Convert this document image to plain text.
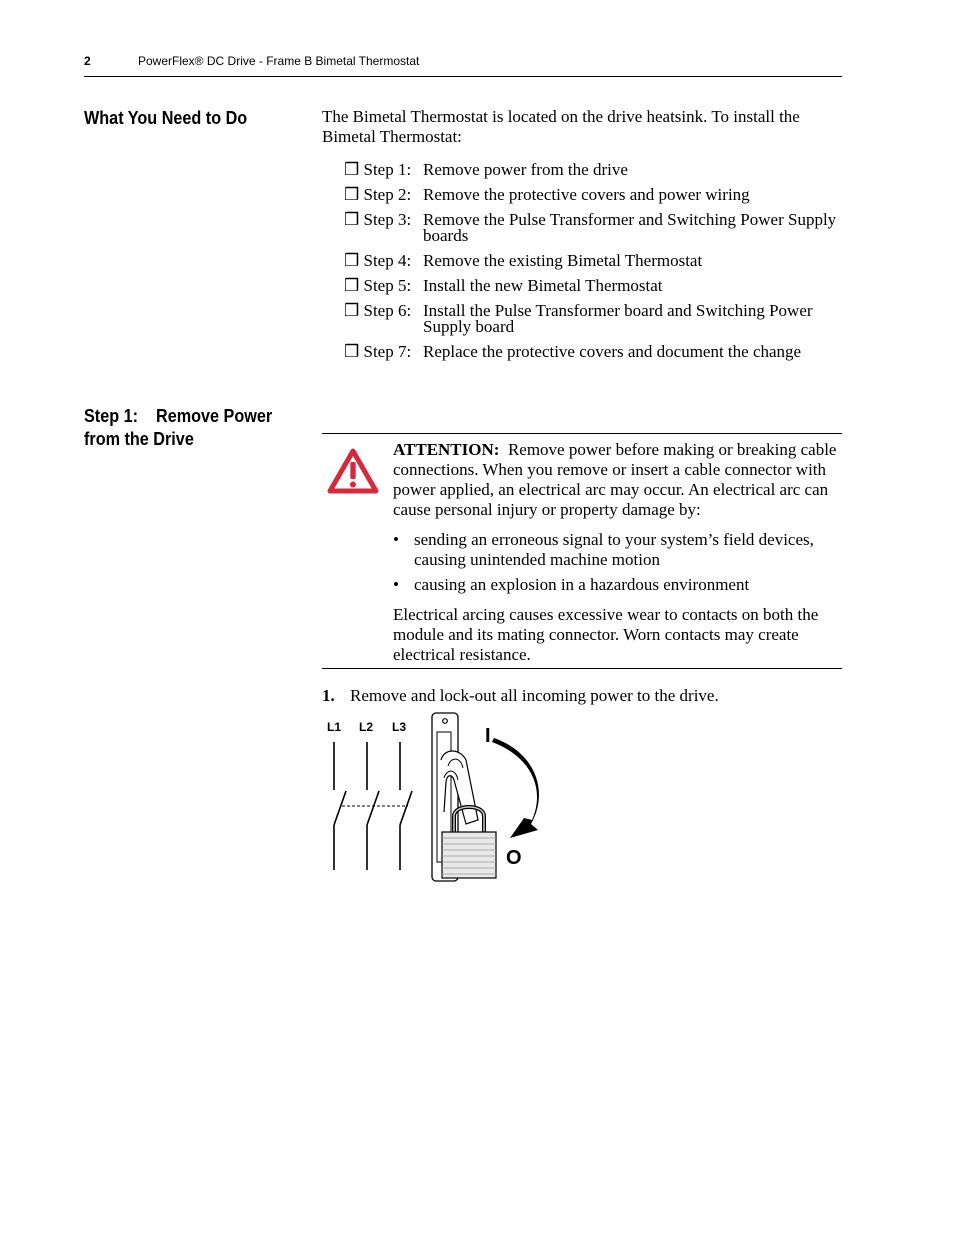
2	PowerFlex® DC Drive - Frame B Bimetal Thermostat
What You Need to Do	The Bimetal Thermostat is located on the drive heatsink. To install the Bimetal Thermostat:
❒ Step 1: Remove power from the drive
❒ Step 2: Remove the protective covers and power wiring
❒ Step 3: Remove the Pulse Transformer and Switching Power Supply boards
❒ Step 4: Remove the existing Bimetal Thermostat
❒ Step 5: Install the new Bimetal Thermostat
❒ Step 6: Install the Pulse Transformer board and Switching Power Supply board
❒ Step 7: Replace the protective covers and document the change
Step 1:    Remove Power
from the Drive

ATTENTION: Remove power before making or breaking cable connections. When you remove or insert a cable connector with power applied, an electrical arc may occur. An electrical arc can cause personal injury or property damage by:

• sending an erroneous signal to your system’s field devices, causing unintended machine motion
• causing an explosion in a hazardous environment

Electrical arcing causes excessive wear to contacts on both the module and its mating connector. Worn contacts may create electrical resistance.

1. Remove and lock-out all incoming power to the drive.
L1 L2 L3	I
O
